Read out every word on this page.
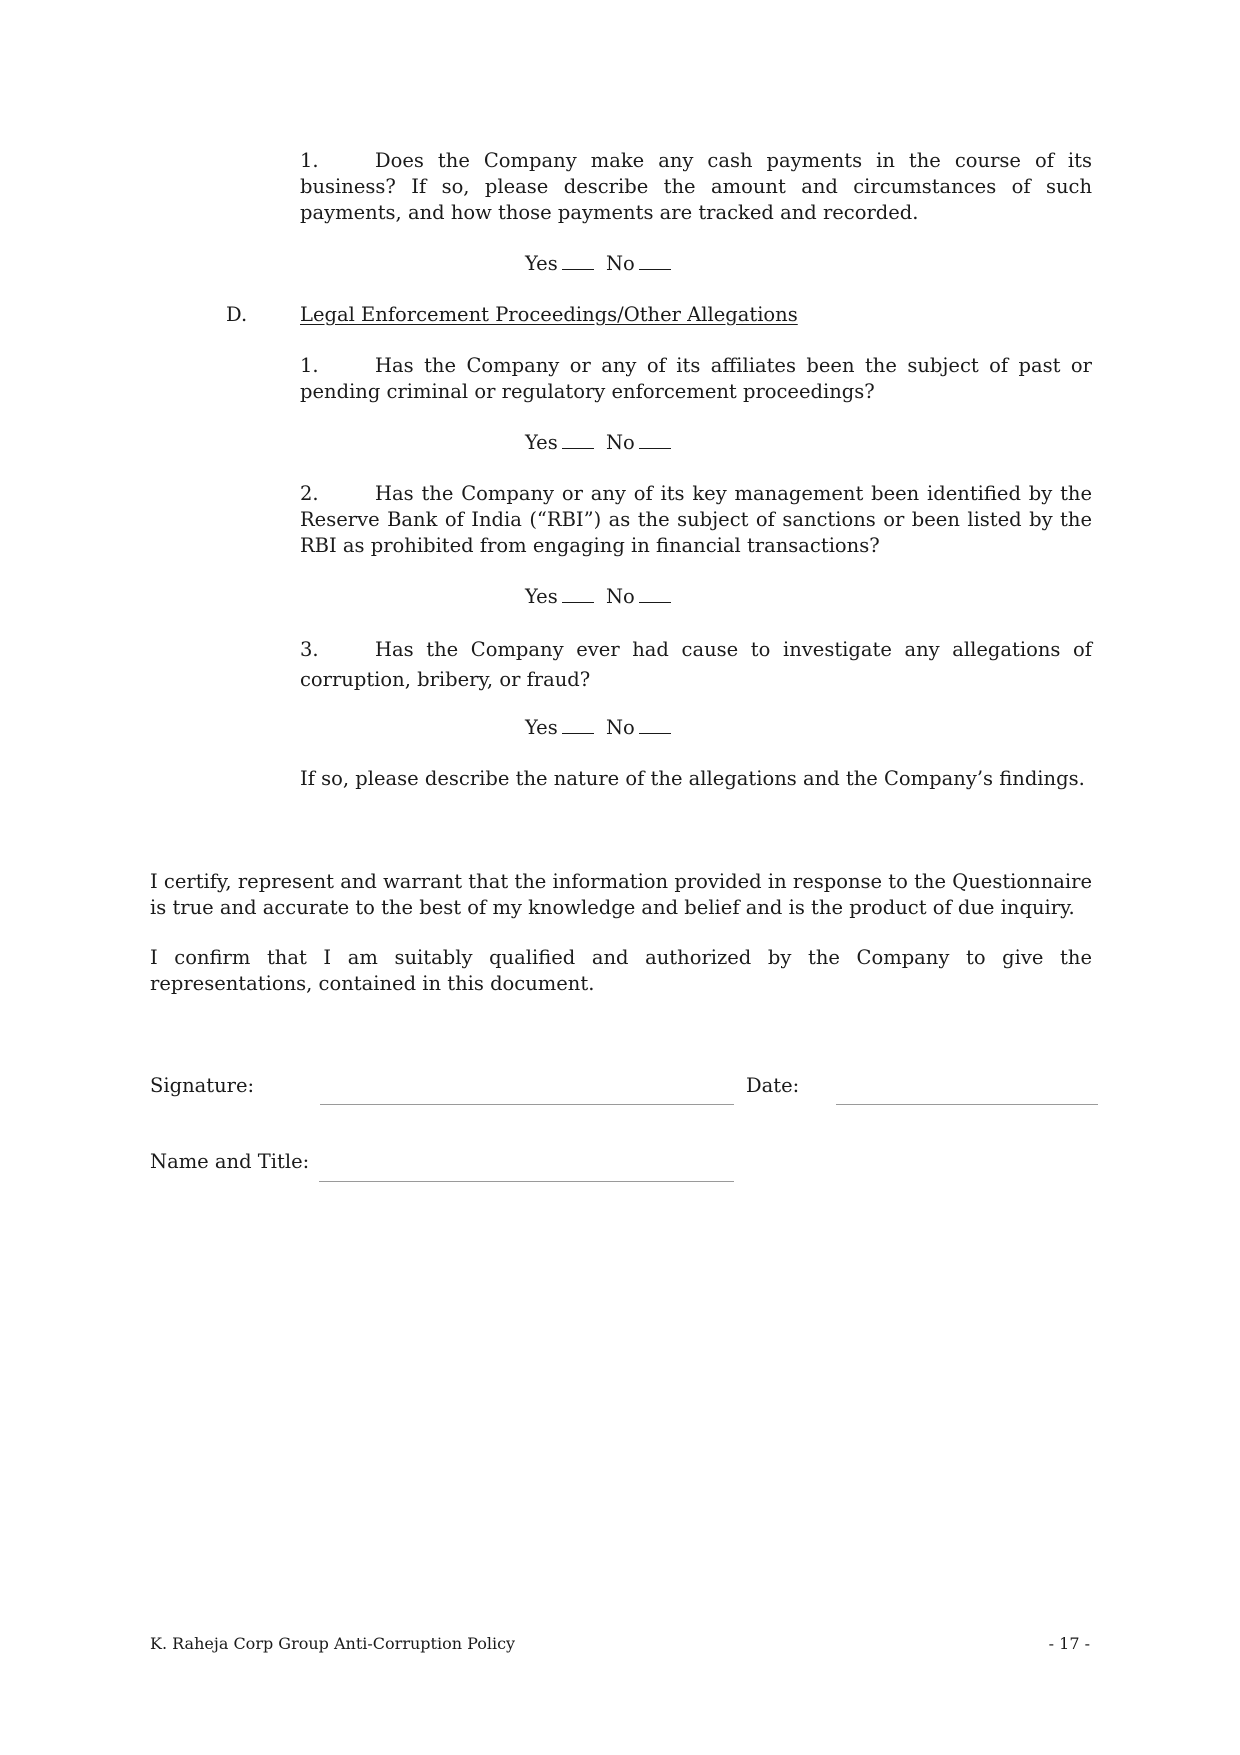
1.	Does the Company make any cash payments in the course of its business? If so, please describe the amount and circumstances of such payments, and how those payments are tracked and recorded.

Yes No
D.	Legal Enforcement Proceedings/Other Allegations

1.	Has the Company or any of its affiliates been the subject of past or pending criminal or regulatory enforcement proceedings?

Yes No

2.	Has the Company or any of its key management been identified by the Reserve Bank of India (“RBI”) as the subject of sanctions or been listed by the RBI as prohibited from engaging in financial transactions?

Yes No

3.	Has the Company ever had cause to investigate any allegations of corruption, bribery, or fraud?

Yes No

If so, please describe the nature of the allegations and the Company’s findings.

I certify, represent and warrant that the information provided in response to the Questionnaire is true and accurate to the best of my knowledge and belief and is the product of due inquiry.

I confirm that I am suitably qualified and authorized by the Company to give the representations, contained in this document.

Signature:	Date:
Name and Title:
K. Raheja Corp Group Anti-Corruption Policy	- 17 -
